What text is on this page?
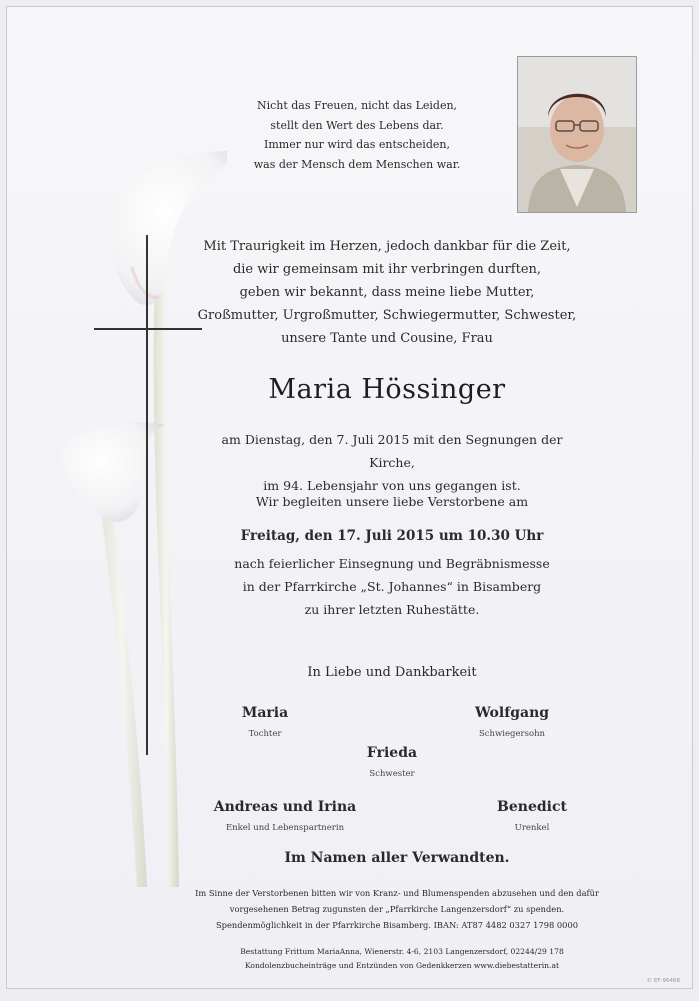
Nicht das Freuen, nicht das Leiden,
stellt den Wert des Lebens dar.
Immer nur wird das entscheiden,
was der Mensch dem Menschen war.
Mit Traurigkeit im Herzen, jedoch dankbar für die Zeit,
die wir gemeinsam mit ihr verbringen durften,
geben wir bekannt, dass meine liebe Mutter,
Großmutter, Urgroßmutter, Schwiegermutter, Schwester,
unsere Tante und Cousine, Frau
Maria Hössinger
am Dienstag, den 7. Juli 2015 mit den Segnungen der Kirche,
im 94. Lebensjahr von uns gegangen ist.
Wir begleiten unsere liebe Verstorbene am
Freitag, den 17. Juli 2015 um 10.30 Uhr
nach feierlicher Einsegnung und Begräbnismesse
in der Pfarrkirche „St. Johannes“ in Bisamberg
zu ihrer letzten Ruhestätte.
In Liebe und Dankbarkeit
Maria
Tochter
Wolfgang
Schwiegersohn
Frieda
Schwester
Andreas und Irina
Enkel und Lebenspartnerin
Benedict
Urenkel
Im Namen aller Verwandten.
Im Sinne der Verstorbenen bitten wir von Kranz- und Blumenspenden abzusehen und den dafür
vorgesehenen Betrag zugunsten der „Pfarrkirche Langenzersdorf“ zu spenden.
Spendenmöglichkeit in der Pfarrkirche Bisamberg. IBAN: AT87 4482 0327 1798 0000
Bestattung Frittum MariaAnna, Wienerstr. 4-6, 2103 Langenzersdorf, 02244/29 178
Kondolenzbucheinträge und Entzünden von Gedenkkerzen www.diebestatterin.at
© EF-96468
